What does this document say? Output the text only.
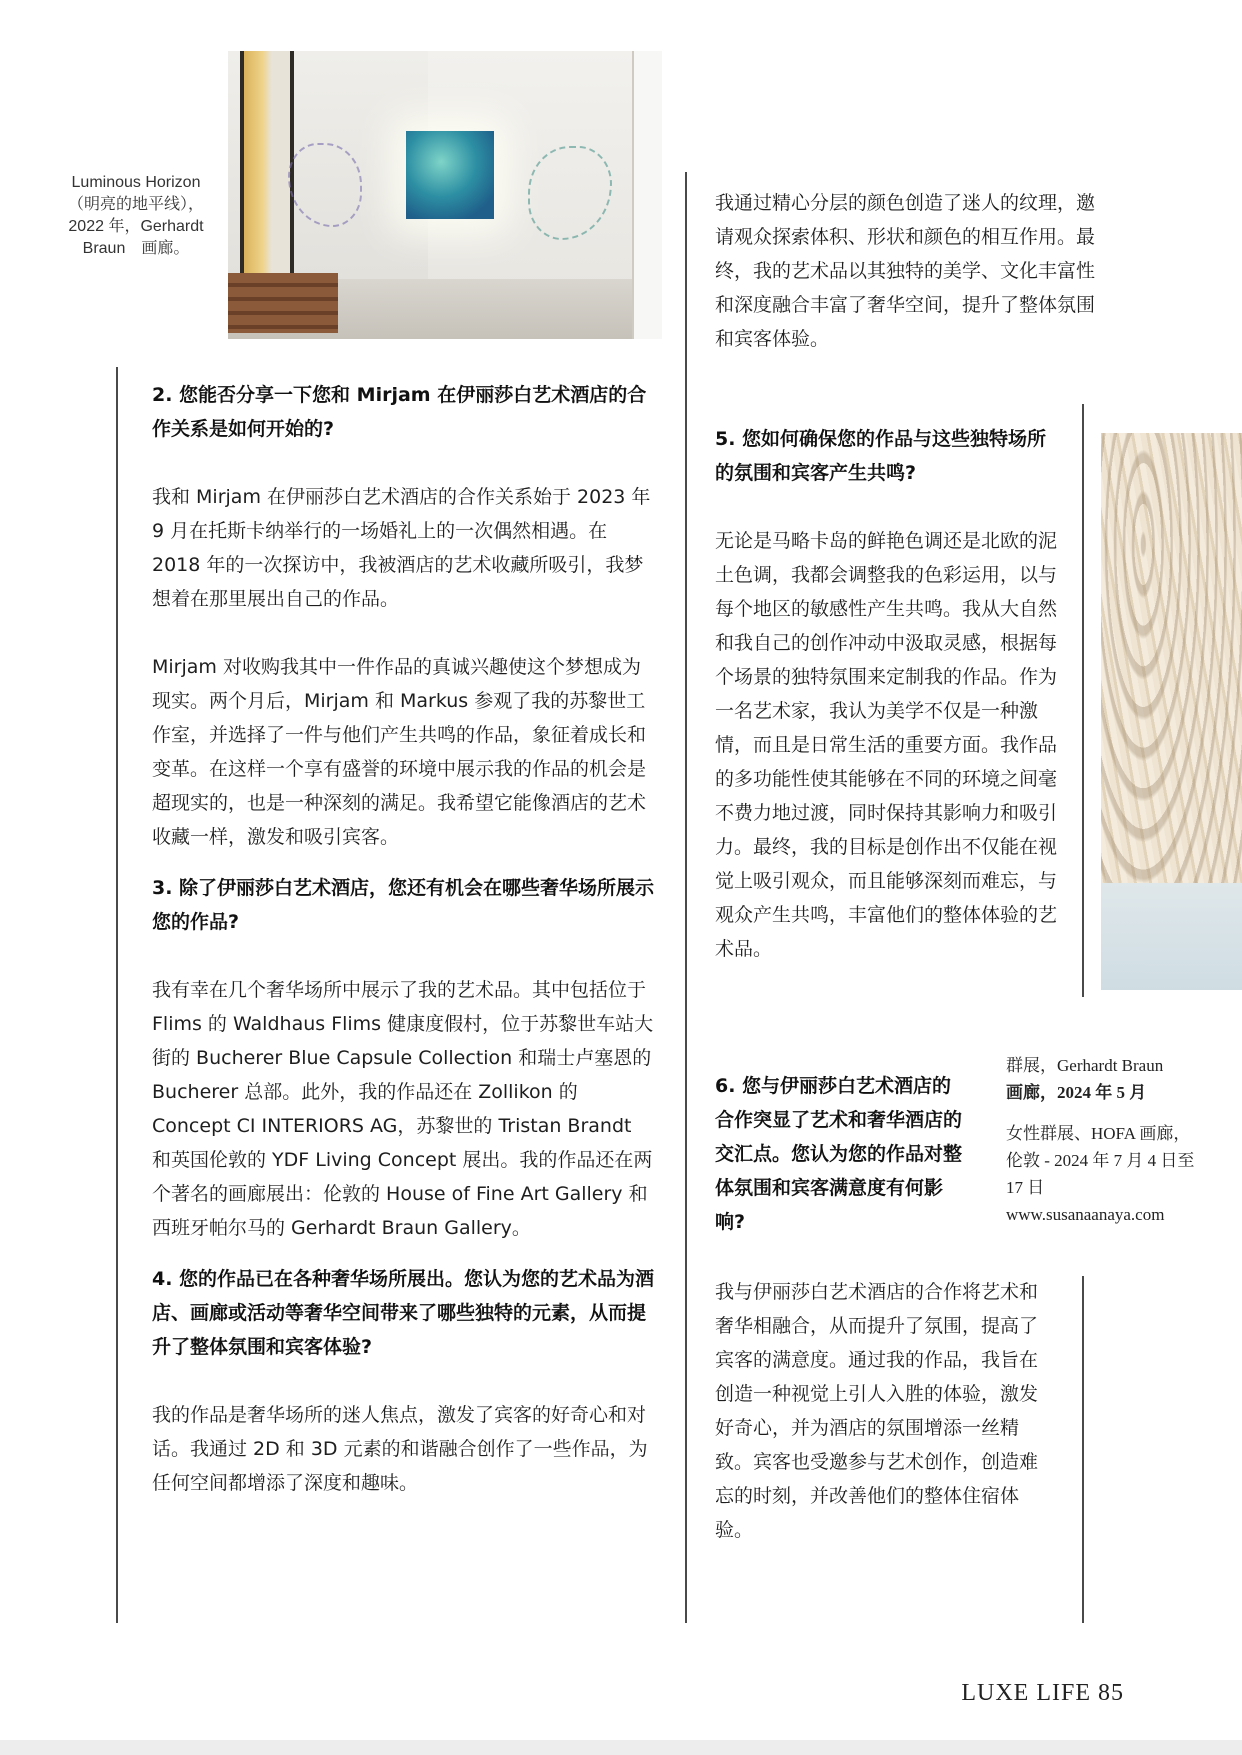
Luminous Horizon（明亮的地平线），2022 年，Gerhardt Braun　画廊。

2. 您能否分享一下您和 Mirjam 在伊丽莎白艺术酒店的合作关系是如何开始的?

我和 Mirjam 在伊丽莎白艺术酒店的合作关系始于 2023 年 9 月在托斯卡纳举行的一场婚礼上的一次偶然相遇。在 2018 年的一次探访中，我被酒店的艺术收藏所吸引，我梦想着在那里展出自己的作品。

Mirjam 对收购我其中一件作品的真诚兴趣使这个梦想成为现实。两个月后，Mirjam 和 Markus 参观了我的苏黎世工作室，并选择了一件与他们产生共鸣的作品，象征着成长和变革。在这样一个享有盛誉的环境中展示我的作品的机会是超现实的，也是一种深刻的满足。我希望它能像酒店的艺术收藏一样，激发和吸引宾客。

3. 除了伊丽莎白艺术酒店，您还有机会在哪些奢华场所展示您的作品?

我有幸在几个奢华场所中展示了我的艺术品。其中包括位于 Flims 的 Waldhaus Flims 健康度假村，位于苏黎世车站大街的 Bucherer Blue Capsule Collection 和瑞士卢塞恩的 Bucherer 总部。此外，我的作品还在 Zollikon 的 Concept CI INTERIORS AG，苏黎世的 Tristan Brandt 和英国伦敦的 YDF Living Concept 展出。我的作品还在两个著名的画廊展出：伦敦的 House of Fine Art Gallery 和西班牙帕尔马的 Gerhardt Braun Gallery。

4. 您的作品已在各种奢华场所展出。您认为您的艺术品为酒店、画廊或活动等奢华空间带来了哪些独特的元素，从而提升了整体氛围和宾客体验?

我的作品是奢华场所的迷人焦点，激发了宾客的好奇心和对话。我通过 2D 和 3D 元素的和谐融合创作了一些作品，为任何空间都增添了深度和趣味。

我通过精心分层的颜色创造了迷人的纹理，邀请观众探索体积、形状和颜色的相互作用。最终，我的艺术品以其独特的美学、文化丰富性和深度融合丰富了奢华空间，提升了整体氛围和宾客体验。

5. 您如何确保您的作品与这些独特场所的氛围和宾客产生共鸣?

无论是马略卡岛的鲜艳色调还是北欧的泥土色调，我都会调整我的色彩运用，以与每个地区的敏感性产生共鸣。我从大自然和我自己的创作冲动中汲取灵感，根据每个场景的独特氛围来定制我的作品。作为一名艺术家，我认为美学不仅是一种激情，而且是日常生活的重要方面。我作品的多功能性使其能够在不同的环境之间毫不费力地过渡，同时保持其影响力和吸引力。最终，我的目标是创作出不仅能在视觉上吸引观众，而且能够深刻而难忘，与观众产生共鸣，丰富他们的整体体验的艺术品。

6. 您与伊丽莎白艺术酒店的合作突显了艺术和奢华酒店的交汇点。您认为您的作品对整体氛围和宾客满意度有何影响?

我与伊丽莎白艺术酒店的合作将艺术和奢华相融合，从而提升了氛围，提高了宾客的满意度。通过我的作品，我旨在创造一种视觉上引人入胜的体验，激发好奇心，并为酒店的氛围增添一丝精致。宾客也受邀参与艺术创作，创造难忘的时刻，并改善他们的整体住宿体验。

群展，Gerhardt Braun
画廊，2024 年 5 月
女性群展、HOFA 画廊，伦敦 - 2024 年 7 月 4 日至 17 日
www.susanaanaya.com
LUXE LIFE 85
